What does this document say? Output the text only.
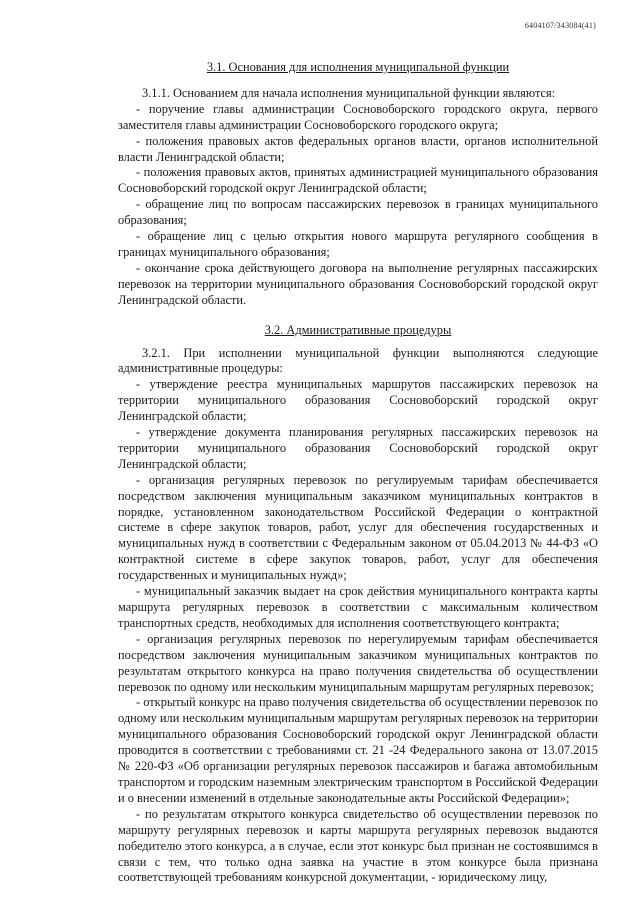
6404107/343084(41)
3.1. Основания для исполнения муниципальной функции

3.1.1. Основанием для начала исполнения муниципальной функции являются:

- поручение главы администрации Сосновоборского городского округа, первого заместителя главы администрации Сосновоборского городского округа;

- положения правовых актов федеральных органов власти, органов исполнительной власти Ленинградской области;

- положения правовых актов, принятых администрацией муниципального образования Сосновоборский городской округ Ленинградской области;

- обращение лиц по вопросам пассажирских перевозок в границах муниципального образования;

- обращение лиц с целью открытия нового маршрута регулярного сообщения в границах муниципального образования;

- окончание срока действующего договора на выполнение регулярных пассажирских перевозок на территории муниципального образования Сосновоборский городской округ Ленинградской области.

3.2. Административные процедуры

3.2.1. При исполнении муниципальной функции выполняются следующие административные процедуры:

- утверждение реестра муниципальных маршрутов пассажирских перевозок на территории муниципального образования Сосновоборский городской округ Ленинградской области;

- утверждение документа планирования регулярных пассажирских перевозок на территории муниципального образования Сосновоборский городской округ Ленинградской области;

- организация регулярных перевозок по регулируемым тарифам обеспечивается посредством заключения муниципальным заказчиком муниципальных контрактов в порядке, установленном законодательством Российской Федерации о контрактной системе в сфере закупок товаров, работ, услуг для обеспечения государственных и муниципальных нужд в соответствии с Федеральным законом от 05.04.2013 № 44-ФЗ «О контрактной системе в сфере закупок товаров, работ, услуг для обеспечения государственных и муниципальных нужд»;

- муниципальный заказчик выдает на срок действия муниципального контракта карты маршрута регулярных перевозок в соответствии с максимальным количеством транспортных средств, необходимых для исполнения соответствующего контракта;

- организация регулярных перевозок по нерегулируемым тарифам обеспечивается посредством заключения муниципальным заказчиком муниципальных контрактов по результатам открытого конкурса на право получения свидетельства об осуществлении перевозок по одному или нескольким муниципальным маршрутам регулярных перевозок;

- открытый конкурс на право получения свидетельства об осуществлении перевозок по одному или нескольким муниципальным маршрутам регулярных перевозок на территории муниципального образования Сосновоборский городской округ Ленинградской области проводится в соответствии с требованиями ст. 21 -24 Федерального закона от 13.07.2015 № 220-ФЗ «Об организации регулярных перевозок пассажиров и багажа автомобильным транспортом и городским наземным электрическим транспортом в Российской Федерации и о внесении изменений в отдельные законодательные акты Российской Федерации»;

- по результатам открытого конкурса свидетельство об осуществлении перевозок по маршруту регулярных перевозок и карты маршрута регулярных перевозок выдаются победителю этого конкурса, а в случае, если этот конкурс был признан не состоявшимся в связи с тем, что только одна заявка на участие в этом конкурсе была признана соответствующей требованиям конкурсной документации, - юридическому лицу,
